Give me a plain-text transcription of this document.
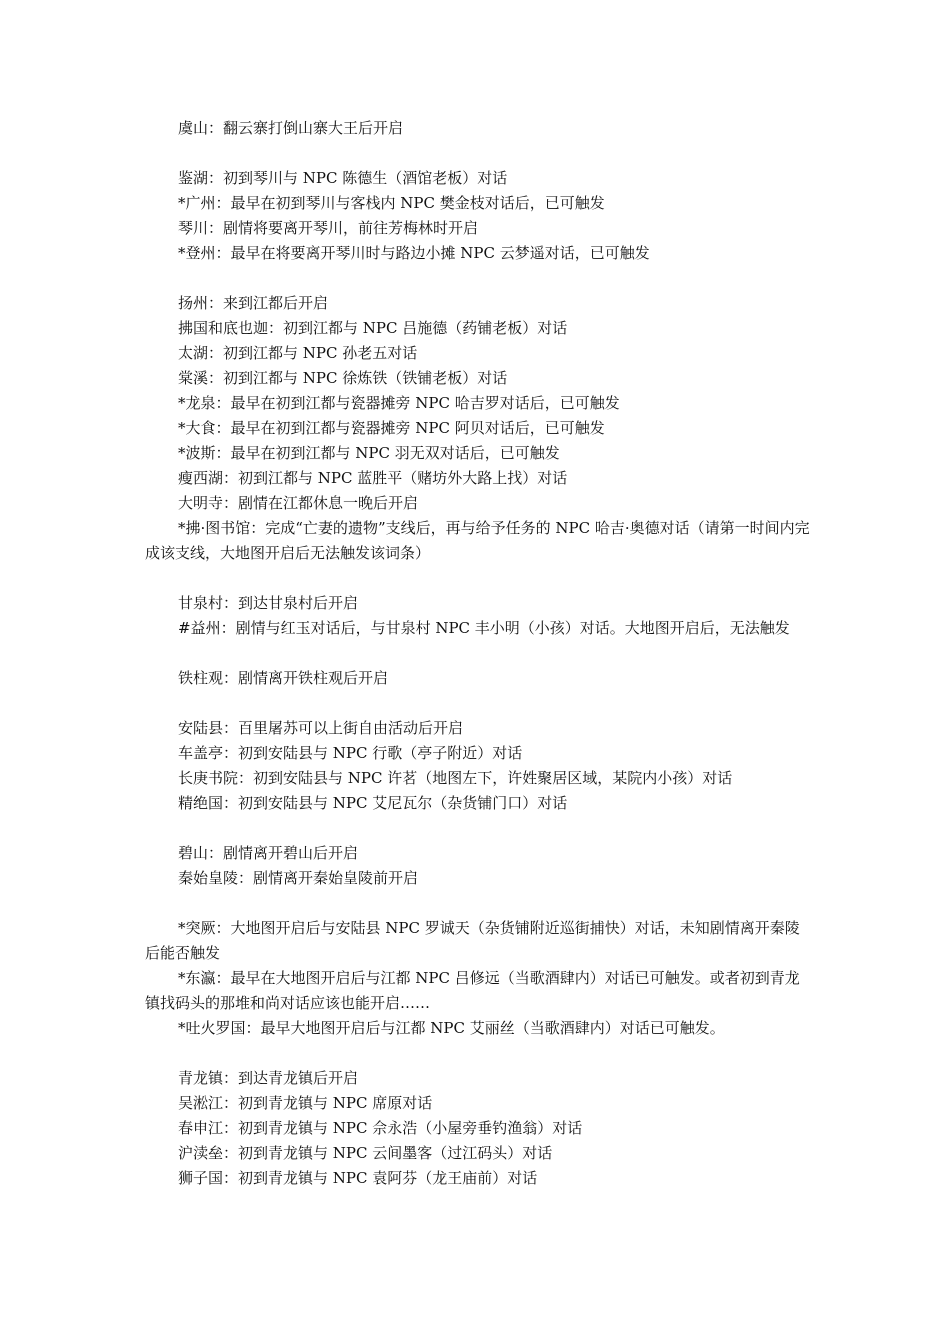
虞山：翻云寨打倒山寨大王后开启
鉴湖：初到琴川与 NPC 陈德生（酒馆老板）对话
*广州：最早在初到琴川与客栈内 NPC 樊金枝对话后，已可触发
琴川：剧情将要离开琴川，前往芳梅林时开启
*登州：最早在将要离开琴川时与路边小摊 NPC 云梦遥对话，已可触发
扬州：来到江都后开启
拂国和底也迦：初到江都与 NPC 吕施德（药铺老板）对话
太湖：初到江都与 NPC 孙老五对话
棠溪：初到江都与 NPC 徐炼铁（铁铺老板）对话
*龙泉：最早在初到江都与瓷器摊旁 NPC 哈吉罗对话后，已可触发
*大食：最早在初到江都与瓷器摊旁 NPC 阿贝对话后，已可触发
*波斯：最早在初到江都与 NPC 羽无双对话后，已可触发
瘦西湖：初到江都与 NPC 蓝胜平（赌坊外大路上找）对话
大明寺：剧情在江都休息一晚后开启
*拂·图书馆：完成“亡妻的遗物”支线后，再与给予任务的 NPC 哈吉·奥德对话（请第一时间内完成该支线，大地图开启后无法触发该词条）
甘泉村：到达甘泉村后开启
#益州：剧情与红玉对话后，与甘泉村 NPC 丰小明（小孩）对话。大地图开启后，无法触发
铁柱观：剧情离开铁柱观后开启
安陆县：百里屠苏可以上街自由活动后开启
车盖亭：初到安陆县与 NPC 行歌（亭子附近）对话
长庚书院：初到安陆县与 NPC 许茗（地图左下，许姓聚居区域，某院内小孩）对话
精绝国：初到安陆县与 NPC 艾尼瓦尔（杂货铺门口）对话
碧山：剧情离开碧山后开启
秦始皇陵：剧情离开秦始皇陵前开启
*突厥：大地图开启后与安陆县 NPC 罗诚天（杂货铺附近巡街捕快）对话，未知剧情离开秦陵后能否触发
*东瀛：最早在大地图开启后与江都 NPC 吕修远（当歌酒肆内）对话已可触发。或者初到青龙镇找码头的那堆和尚对话应该也能开启……
*吐火罗国：最早大地图开启后与江都 NPC 艾丽丝（当歌酒肆内）对话已可触发。
青龙镇：到达青龙镇后开启
吴淞江：初到青龙镇与 NPC 席原对话
春申江：初到青龙镇与 NPC 佘永浩（小屋旁垂钓渔翁）对话
沪渎垒：初到青龙镇与 NPC 云间墨客（过江码头）对话
狮子国：初到青龙镇与 NPC 袁阿芬（龙王庙前）对话
